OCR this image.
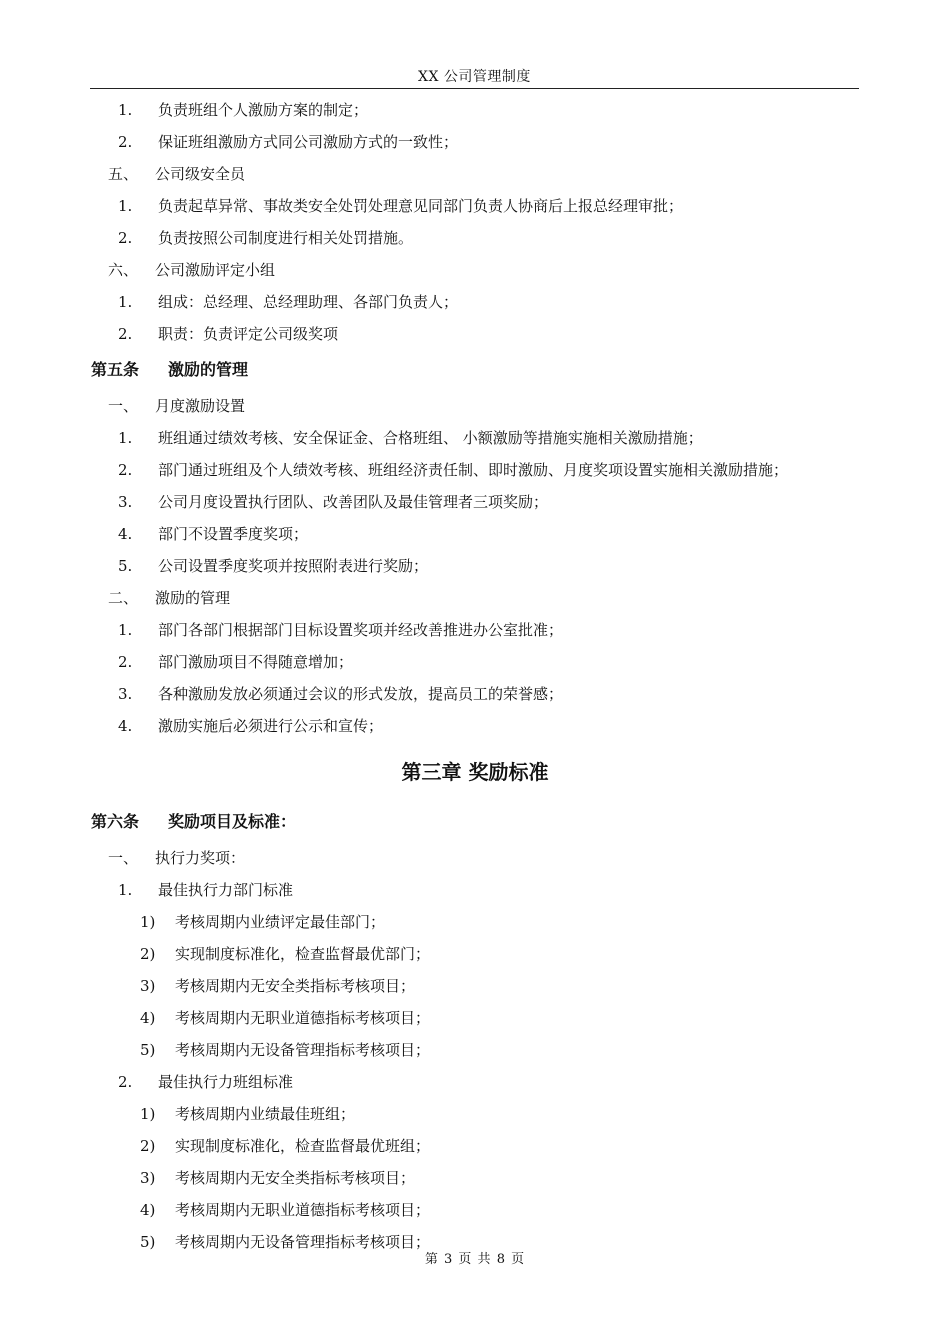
XX 公司管理制度
1. 负责班组个人激励方案的制定；
2. 保证班组激励方式同公司激励方式的一致性；
五、 公司级安全员
1. 负责起草异常、事故类安全处罚处理意见同部门负责人协商后上报总经理审批；
2. 负责按照公司制度进行相关处罚措施。
六、 公司激励评定小组
1. 组成：总经理、总经理助理、各部门负责人；
2. 职责：负责评定公司级奖项
第五条 激励的管理
一、 月度激励设置
1. 班组通过绩效考核、安全保证金、合格班组、 小额激励等措施实施相关激励措施；
2. 部门通过班组及个人绩效考核、班组经济责任制、即时激励、月度奖项设置实施相关激励措施；
3. 公司月度设置执行团队、改善团队及最佳管理者三项奖励；
4. 部门不设置季度奖项；
5. 公司设置季度奖项并按照附表进行奖励；
二、 激励的管理
1. 部门各部门根据部门目标设置奖项并经改善推进办公室批准；
2. 部门激励项目不得随意增加；
3. 各种激励发放必须通过会议的形式发放，提高员工的荣誉感；
4. 激励实施后必须进行公示和宣传；
第三章 奖励标准
第六条 奖励项目及标准：
一、 执行力奖项：
1. 最佳执行力部门标准
1) 考核周期内业绩评定最佳部门；
2) 实现制度标准化，检查监督最优部门；
3) 考核周期内无安全类指标考核项目；
4) 考核周期内无职业道德指标考核项目；
5) 考核周期内无设备管理指标考核项目；
2. 最佳执行力班组标准
1) 考核周期内业绩最佳班组；
2) 实现制度标准化，检查监督最优班组；
3) 考核周期内无安全类指标考核项目；
4) 考核周期内无职业道德指标考核项目；
5) 考核周期内无设备管理指标考核项目；
第 3 页 共 8 页
